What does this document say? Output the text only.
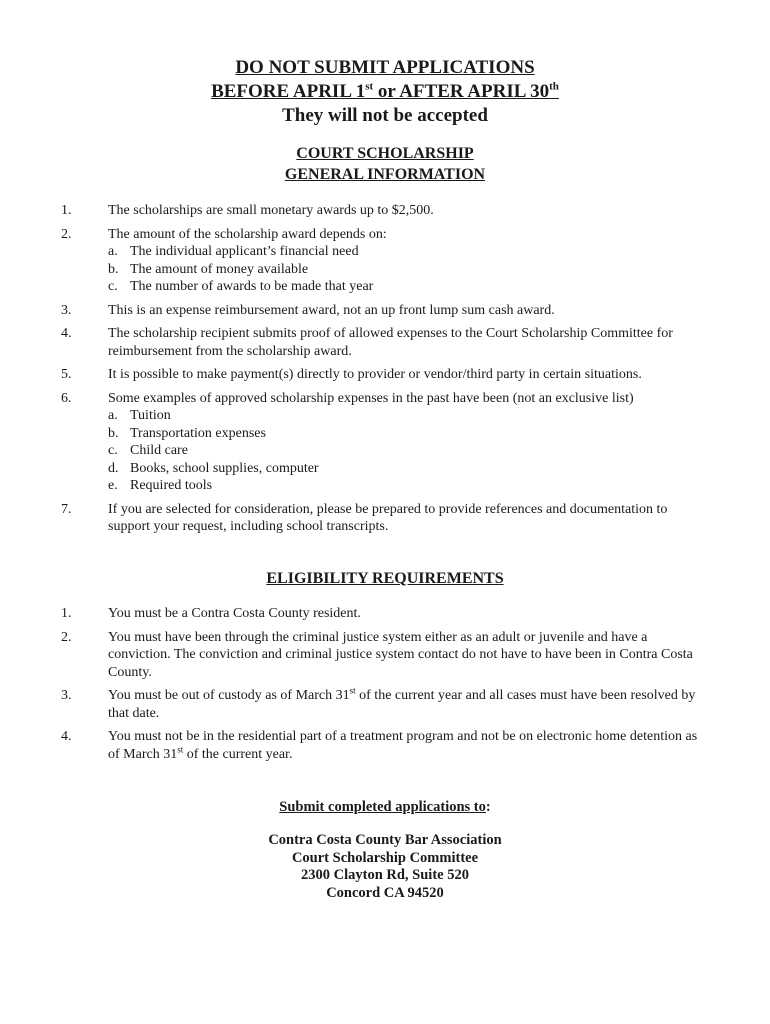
DO NOT SUBMIT APPLICATIONS
BEFORE APRIL 1st or AFTER APRIL 30th
They will not be accepted
COURT SCHOLARSHIP
GENERAL INFORMATION
1.	The scholarships are small monetary awards up to $2,500.
2.	The amount of the scholarship award depends on:
a. The individual applicant’s financial need
b. The amount of money available
c. The number of awards to be made that year
3.	This is an expense reimbursement award, not an up front lump sum cash award.
4.	The scholarship recipient submits proof of allowed expenses to the Court Scholarship Committee for reimbursement from the scholarship award.
5.	It is possible to make payment(s) directly to provider or vendor/third party in certain situations.
6.	Some examples of approved scholarship expenses in the past have been (not an exclusive list)
a. Tuition
b. Transportation expenses
c. Child care
d. Books, school supplies, computer
e. Required tools
7.	If you are selected for consideration, please be prepared to provide references and documentation to support your request, including school transcripts.
ELIGIBILITY REQUIREMENTS
1.	You must be a Contra Costa County resident.
2.	You must have been through the criminal justice system either as an adult or juvenile and have a conviction. The conviction and criminal justice system contact do not have to have been in Contra Costa County.
3.	You must be out of custody as of March 31st of the current year and all cases must have been resolved by that date.
4.	You must not be in the residential part of a treatment program and not be on electronic home detention as of March 31st of the current year.
Submit completed applications to:
Contra Costa County Bar Association
Court Scholarship Committee
2300 Clayton Rd, Suite 520
Concord CA 94520
